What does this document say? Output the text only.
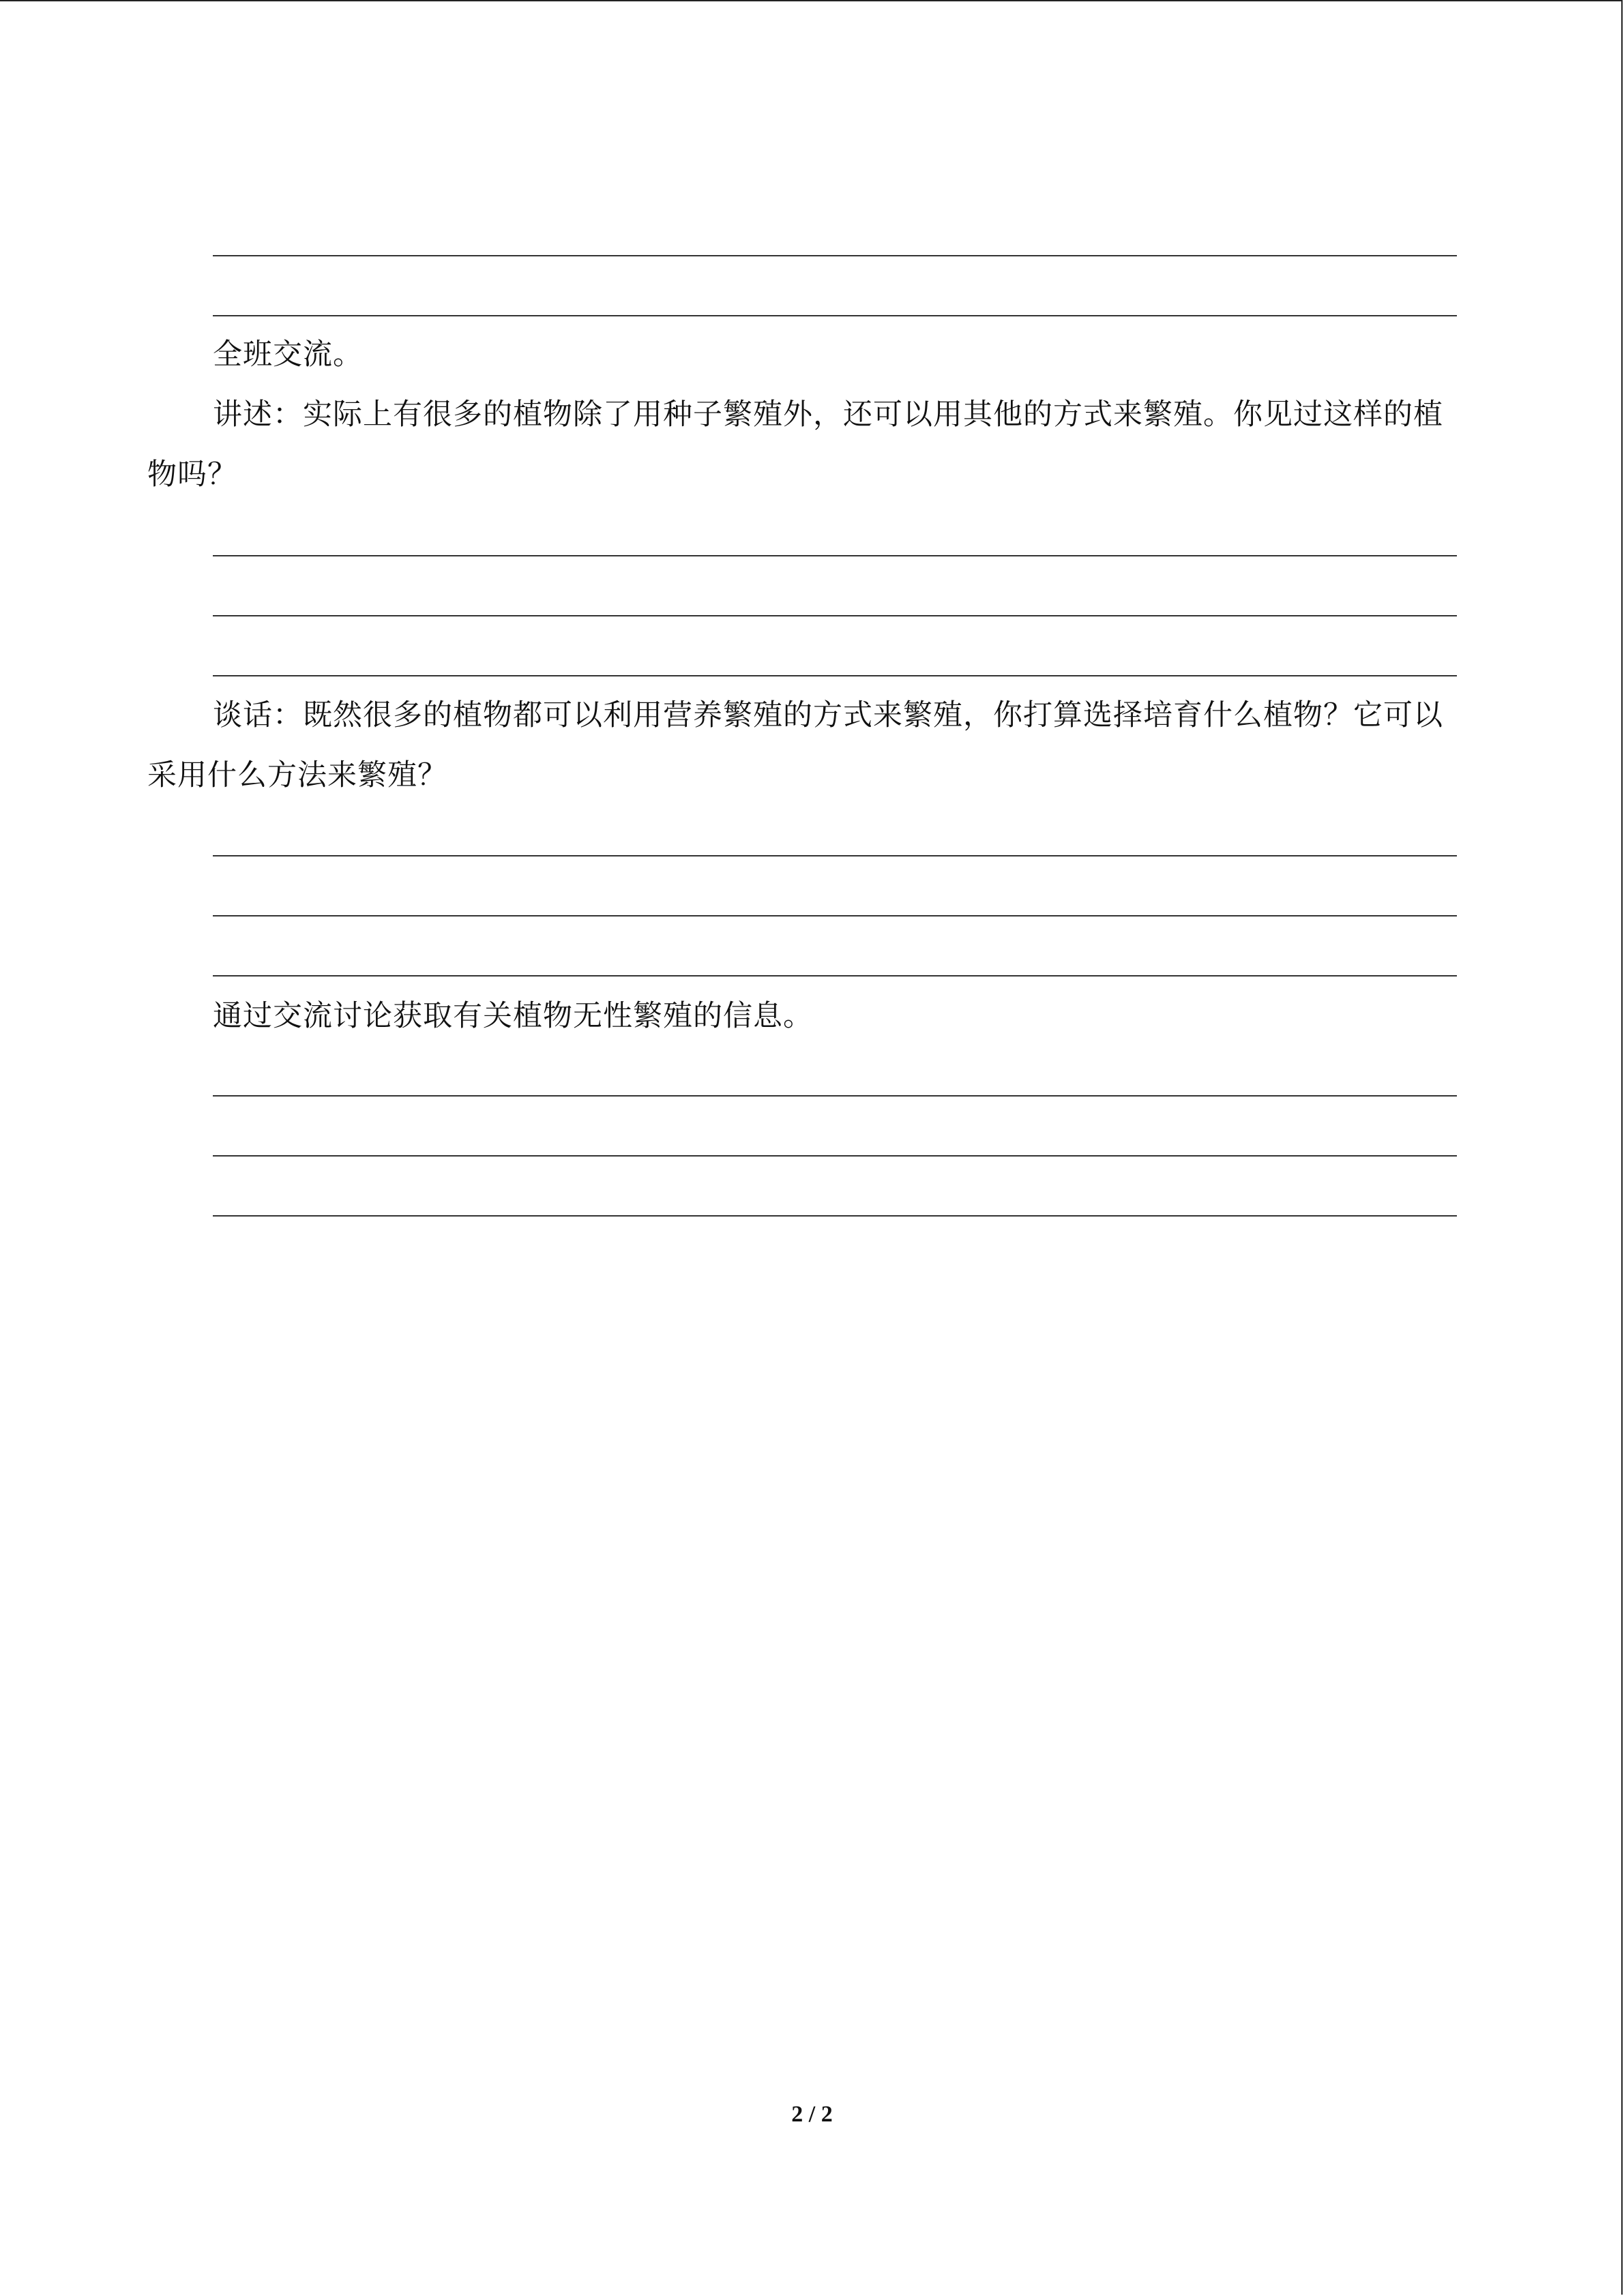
全班交流。

讲述：实际上有很多的植物除了用种子繁殖外，还可以用其他的方式来繁殖。你见过这样的植物吗？

谈话：既然很多的植物都可以利用营养繁殖的方式来繁殖，你打算选择培育什么植物？它可以采用什么方法来繁殖？

通过交流讨论获取有关植物无性繁殖的信息。

2 / 2
